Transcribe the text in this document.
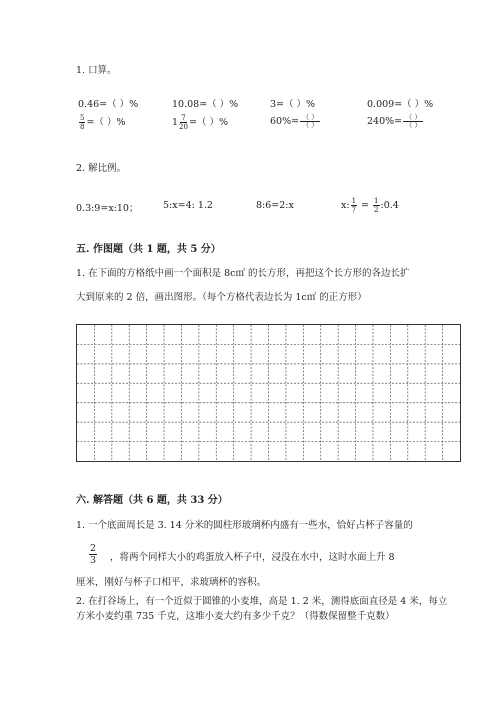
1. 口算。
0.46=（ ）%	10.08=（ ）%	3=（ ）%	0.009=（ ）%
$\frac{5}{8}$ =（ ）%	$1 \frac{7}{20}$ =（ ）%	$60\%= \frac{( )}{( )}$	$240\%= \frac{( )}{( )}$
2. 解比例。
0.3:9=x:10；	5:x=4: 1.2	8:6=2:x	x: $\frac{1}{7} = \frac{1}{2}$ :0.4
五. 作图题（共 1 题，共 5 分）
1. 在下面的方格纸中画一个面积是 8c㎡ 的长方形，再把这个长方形的各边长扩
大到原来的 2 倍，画出图形。（每个方格代表边长为 1c㎡ 的正方形）
六. 解答题（共 6 题，共 33 分）
1. 一个底面周长是 3. 14 分米的圆柱形玻璃杯内盛有一些水，恰好占杯子容量的
2
3 ，将两个同样大小的鸡蛋放入杯子中，浸没在水中，这时水面上升 8
厘米，刚好与杯子口相平，求玻璃杯的容积。
2. 在打谷场上，有一个近似于圆锥的小麦堆，高是 1. 2 米，测得底面直径是 4 米，每立方米小麦约重 735 千克，这堆小麦大约有多少千克？（得数保留整千克数）
